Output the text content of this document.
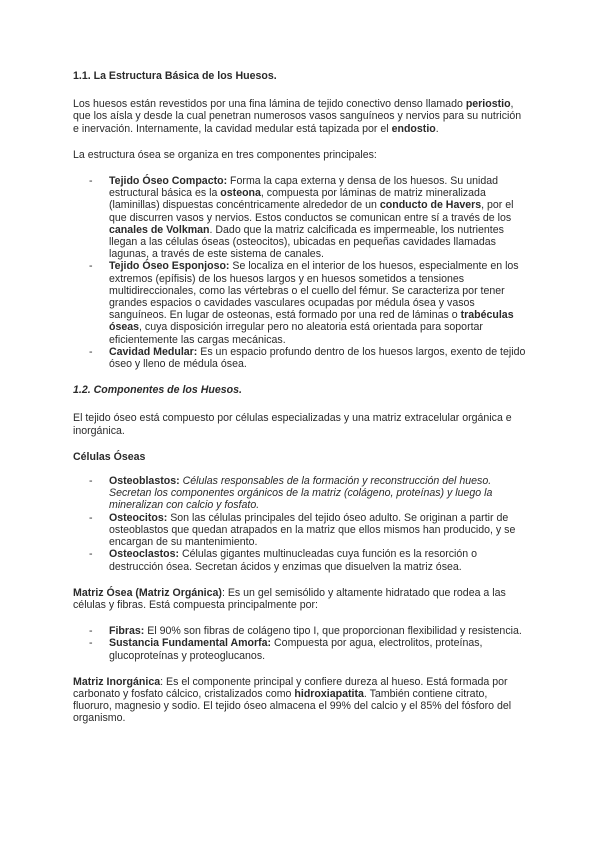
1.1. La Estructura Básica de los Huesos.

Los huesos están revestidos por una fina lámina de tejido conectivo denso llamado periostio, que los aísla y desde la cual penetran numerosos vasos sanguíneos y nervios para su nutrición e inervación. Internamente, la cavidad medular está tapizada por el endostio.

La estructura ósea se organiza en tres componentes principales:

- Tejido Óseo Compacto: Forma la capa externa y densa de los huesos. Su unidad estructural básica es la osteona, compuesta por láminas de matriz mineralizada (laminillas) dispuestas concéntricamente alrededor de un conducto de Havers, por el que discurren vasos y nervios. Estos conductos se comunican entre sí a través de los canales de Volkman. Dado que la matriz calcificada es impermeable, los nutrientes llegan a las células óseas (osteocitos), ubicadas en pequeñas cavidades llamadas lagunas, a través de este sistema de canales.
- Tejido Óseo Esponjoso: Se localiza en el interior de los huesos, especialmente en los extremos (epífisis) de los huesos largos y en huesos sometidos a tensiones multidireccionales, como las vértebras o el cuello del fémur. Se caracteriza por tener grandes espacios o cavidades vasculares ocupadas por médula ósea y vasos sanguíneos. En lugar de osteonas, está formado por una red de láminas o trabéculas óseas, cuya disposición irregular pero no aleatoria está orientada para soportar eficientemente las cargas mecánicas.
- Cavidad Medular: Es un espacio profundo dentro de los huesos largos, exento de tejido óseo y lleno de médula ósea.

1.2. Componentes de los Huesos.

El tejido óseo está compuesto por células especializadas y una matriz extracelular orgánica e inorgánica.

Células Óseas

- Osteoblastos: Células responsables de la formación y reconstrucción del hueso. Secretan los componentes orgánicos de la matriz (colágeno, proteínas) y luego la mineralizan con calcio y fosfato.
- Osteocitos: Son las células principales del tejido óseo adulto. Se originan a partir de osteoblastos que quedan atrapados en la matriz que ellos mismos han producido, y se encargan de su mantenimiento.
- Osteoclastos: Células gigantes multinucleadas cuya función es la resorción o destrucción ósea. Secretan ácidos y enzimas que disuelven la matriz ósea.

Matriz Ósea (Matriz Orgánica): Es un gel semisólido y altamente hidratado que rodea a las células y fibras. Está compuesta principalmente por:

- Fibras: El 90% son fibras de colágeno tipo I, que proporcionan flexibilidad y resistencia.
- Sustancia Fundamental Amorfa: Compuesta por agua, electrolitos, proteínas, glucoproteínas y proteoglucanos.

Matriz Inorgánica: Es el componente principal y confiere dureza al hueso. Está formada por carbonato y fosfato cálcico, cristalizados como hidroxiapatita. También contiene citrato, fluoruro, magnesio y sodio. El tejido óseo almacena el 99% del calcio y el 85% del fósforo del organismo.
